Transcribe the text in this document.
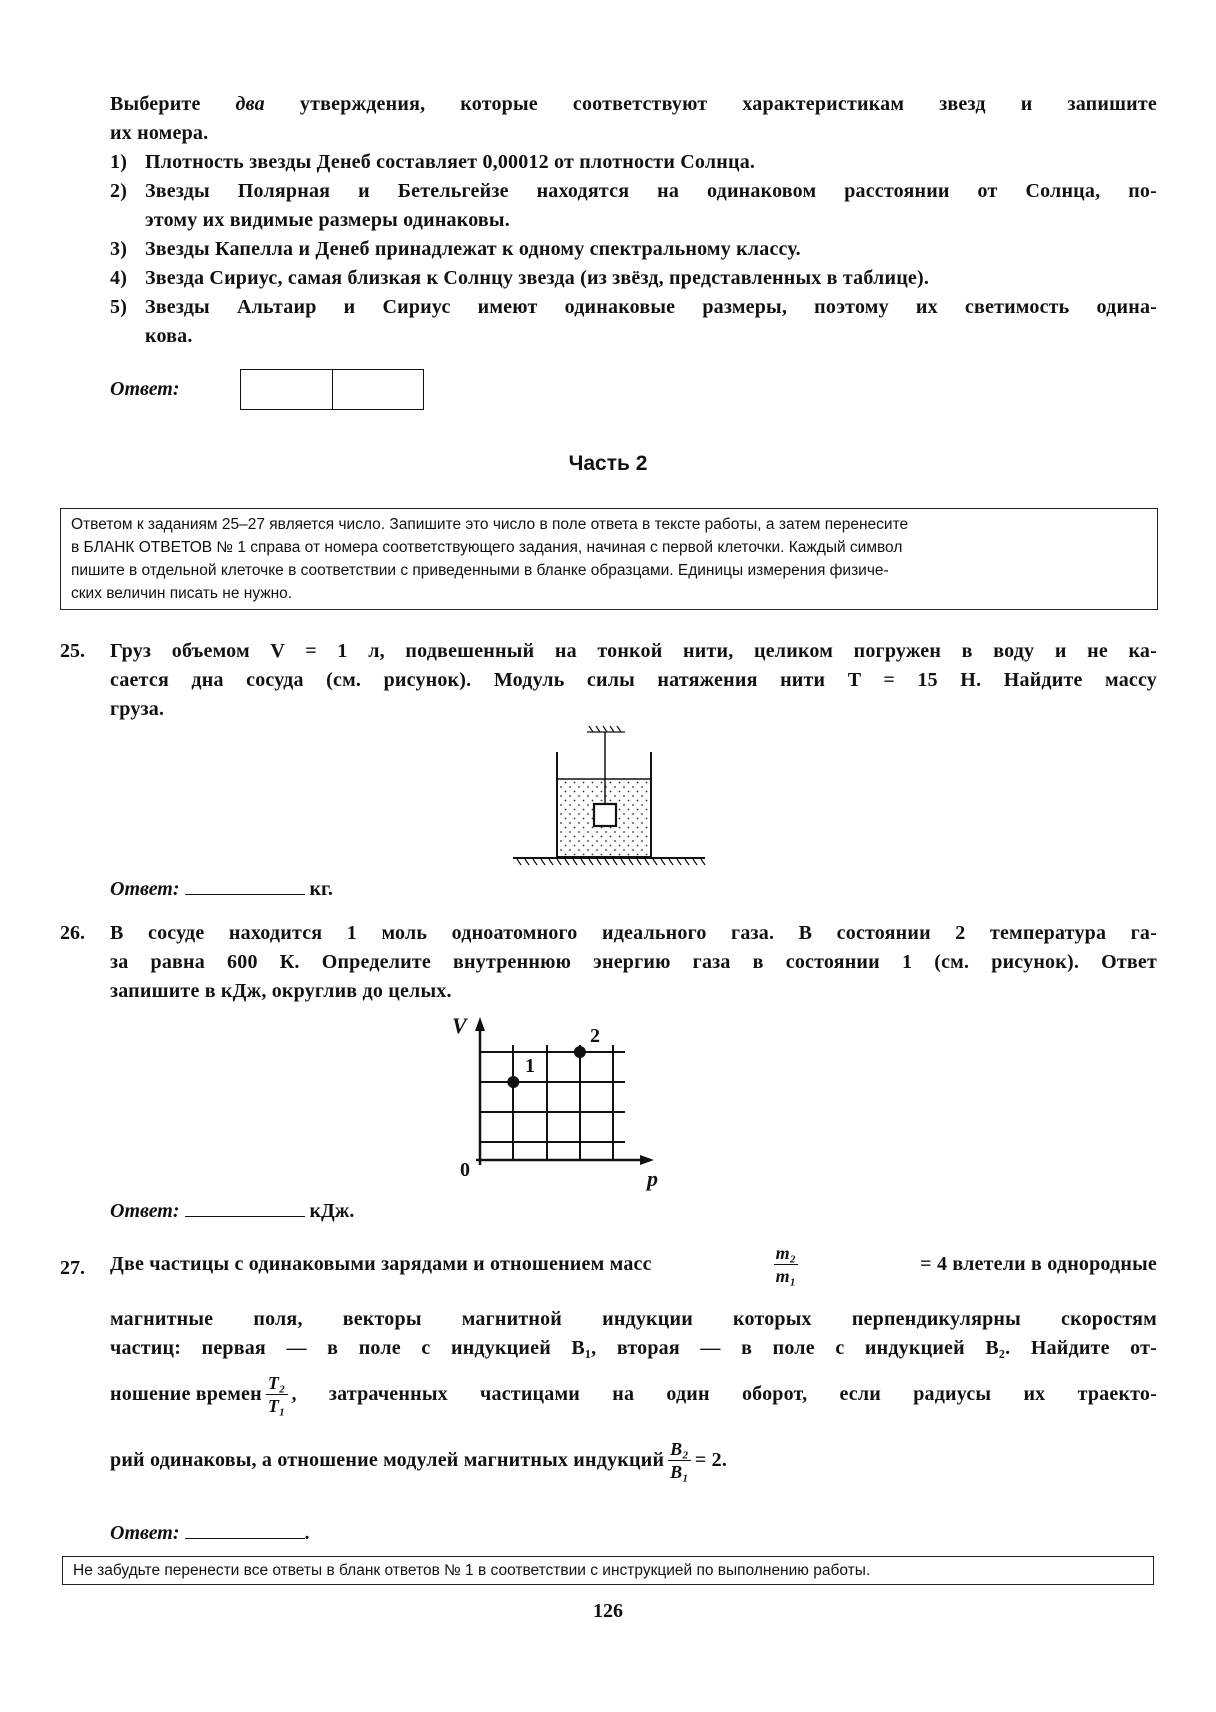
Выберите два утверждения, которые соответствуют характеристикам звезд и запишите
их номера.
1) Плотность звезды Денеб составляет 0,00012 от плотности Солнца.
2) Звезды Полярная и Бетельгейзе находятся на одинаковом расстоянии от Солнца, по-
этому их видимые размеры одинаковы.
3) Звезды Капелла и Денеб принадлежат к одному спектральному классу.
4) Звезда Сириус, самая близкая к Солнцу звезда (из звёзд, представленных в таблице).
5) Звезды Альтаир и Сириус имеют одинаковые размеры, поэтому их светимость одина-
кова.
Ответ:
Часть 2
Ответом к заданиям 25–27 является число. Запишите это число в поле ответа в тексте работы, а затем перенесите
в БЛАНК ОТВЕТОВ № 1 справа от номера соответствующего задания, начиная с первой клеточки. Каждый символ
пишите в отдельной клеточке в соответствии с приведенными в бланке образцами. Единицы измерения физиче-
ских величин писать не нужно.
25. Груз объемом V = 1 л, подвешенный на тонкой нити, целиком погружен в воду и не ка-
сается дна сосуда (см. рисунок). Модуль силы натяжения нити T = 15 Н. Найдите массу
груза.
Ответ:	кг.
26. В сосуде находится 1 моль одноатомного идеального газа. В состоянии 2 температура га-
за равна 600 К. Определите внутреннюю энергию газа в состоянии 1 (см. рисунок). Ответ
запишите в кДж, округлив до целых.
V
p
0
1
2
Ответ:	кДж.
27. Две частицы с одинаковыми зарядами и отношением масс	$\frac{\text{m₂}}{\text{m₁}}$	= 4 влетели в однородные
магнитные поля, векторы магнитной индукции которых перпендикулярны скоростям
частиц: первая — в поле с индукцией B₁, вторая — в поле с индукцией B₂. Найдите от-
ношение времен $\frac{\text{T₂}}{\text{T₁}}$ , затраченных частицами на один оборот, если радиусы их траекто-
рий одинаковы, а отношение модулей магнитных индукций $\frac{\text{B₂}}{\text{B₁}} = 2$.
Ответ:	.
Не забудьте перенести все ответы в бланк ответов № 1 в соответствии с инструкцией по выполнению работы.
126
